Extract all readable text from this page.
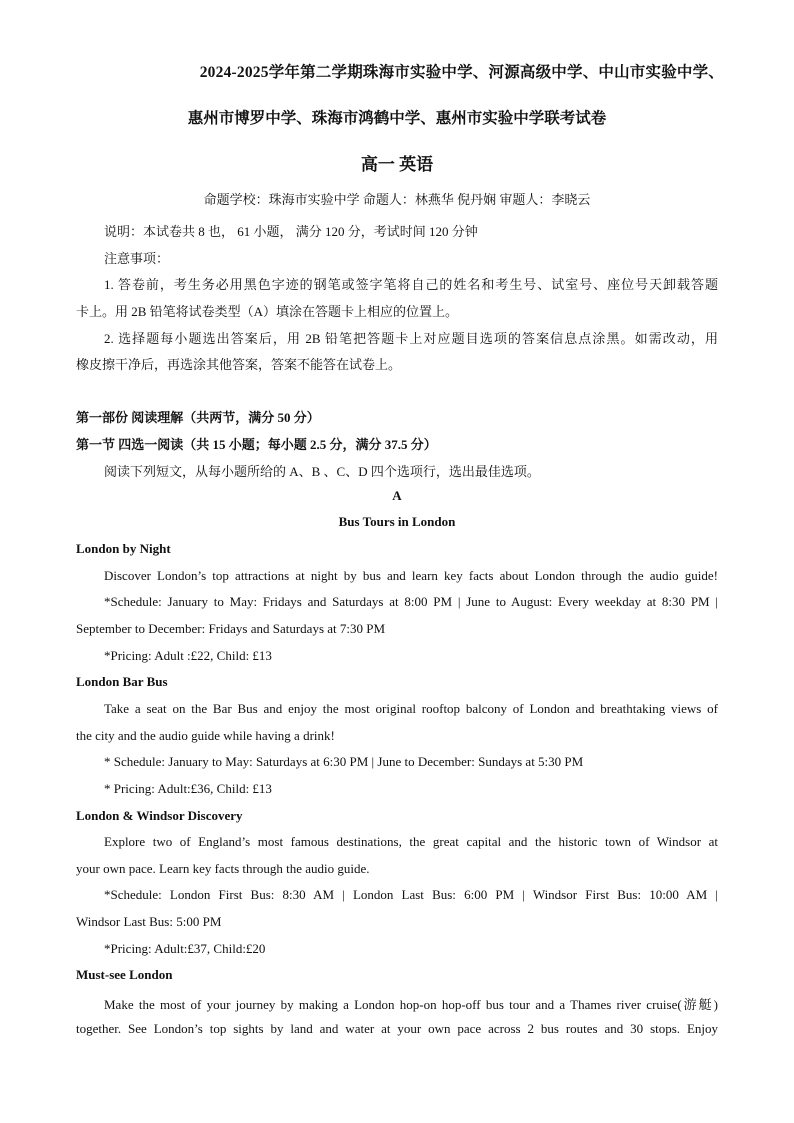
2024-2025学年第二学期珠海市实验中学、河源高级中学、中山市实验中学、
惠州市博罗中学、珠海市鸿鹤中学、惠州市实验中学联考试卷
高一 英语
命题学校：珠海市实验中学 命题人：林燕华 倪丹娴 审题人：李晓云
说明：本试卷共 8 也， 61 小题， 满分 120 分，考试时间 120 分钟
注意事项：
1. 答卷前，考生务必用黑色字迹的钢笔或签字笔将自己的姓名和考生号、试室号、座位号天卸载答题
卡上。用 2B 铅笔将试卷类型（A）填涂在答题卡上相应的位置上。
2. 选择题每小题选出答案后，用 2B 铅笔把答题卡上对应题目选项的答案信息点涂黑。如需改动，用
橡皮擦干净后，再选涂其他答案，答案不能答在试卷上。
第一部份 阅读理解（共两节，满分 50 分）
第一节 四选一阅读（共 15 小题；每小题 2.5 分，满分 37.5 分）
阅读下列短文，从每小题所给的 A、B 、C、D 四个选项行，选出最佳选项。
A
Bus Tours in London
London by Night
Discover London’s top attractions at night by bus and learn key facts about London through the audio guide!
*Schedule: January to May: Fridays and Saturdays at 8:00 PM | June to August: Every weekday at 8:30 PM |
September to December: Fridays and Saturdays at 7:30 PM
*Pricing: Adult :£22, Child: £13
London Bar Bus
Take a seat on the Bar Bus and enjoy the most original rooftop balcony of London and breathtaking views of
the city and the audio guide while having a drink!
* Schedule: January to May: Saturdays at 6:30 PM | June to December: Sundays at 5:30 PM
* Pricing: Adult:£36, Child: £13
London & Windsor Discovery
Explore two of England’s most famous destinations, the great capital and the historic town of Windsor at
your own pace. Learn key facts through the audio guide.
*Schedule: London First Bus: 8:30 AM | London Last Bus: 6:00 PM | Windsor First Bus: 10:00 AM |
Windsor Last Bus: 5:00 PM
*Pricing: Adult:£37, Child:£20
Must-see London
Make the most of your journey by making a London hop-on hop-off bus tour and a Thames river cruise(游艇)
together. See London’s top sights by land and water at your own pace across 2 bus routes and 30 stops. Enjoy
